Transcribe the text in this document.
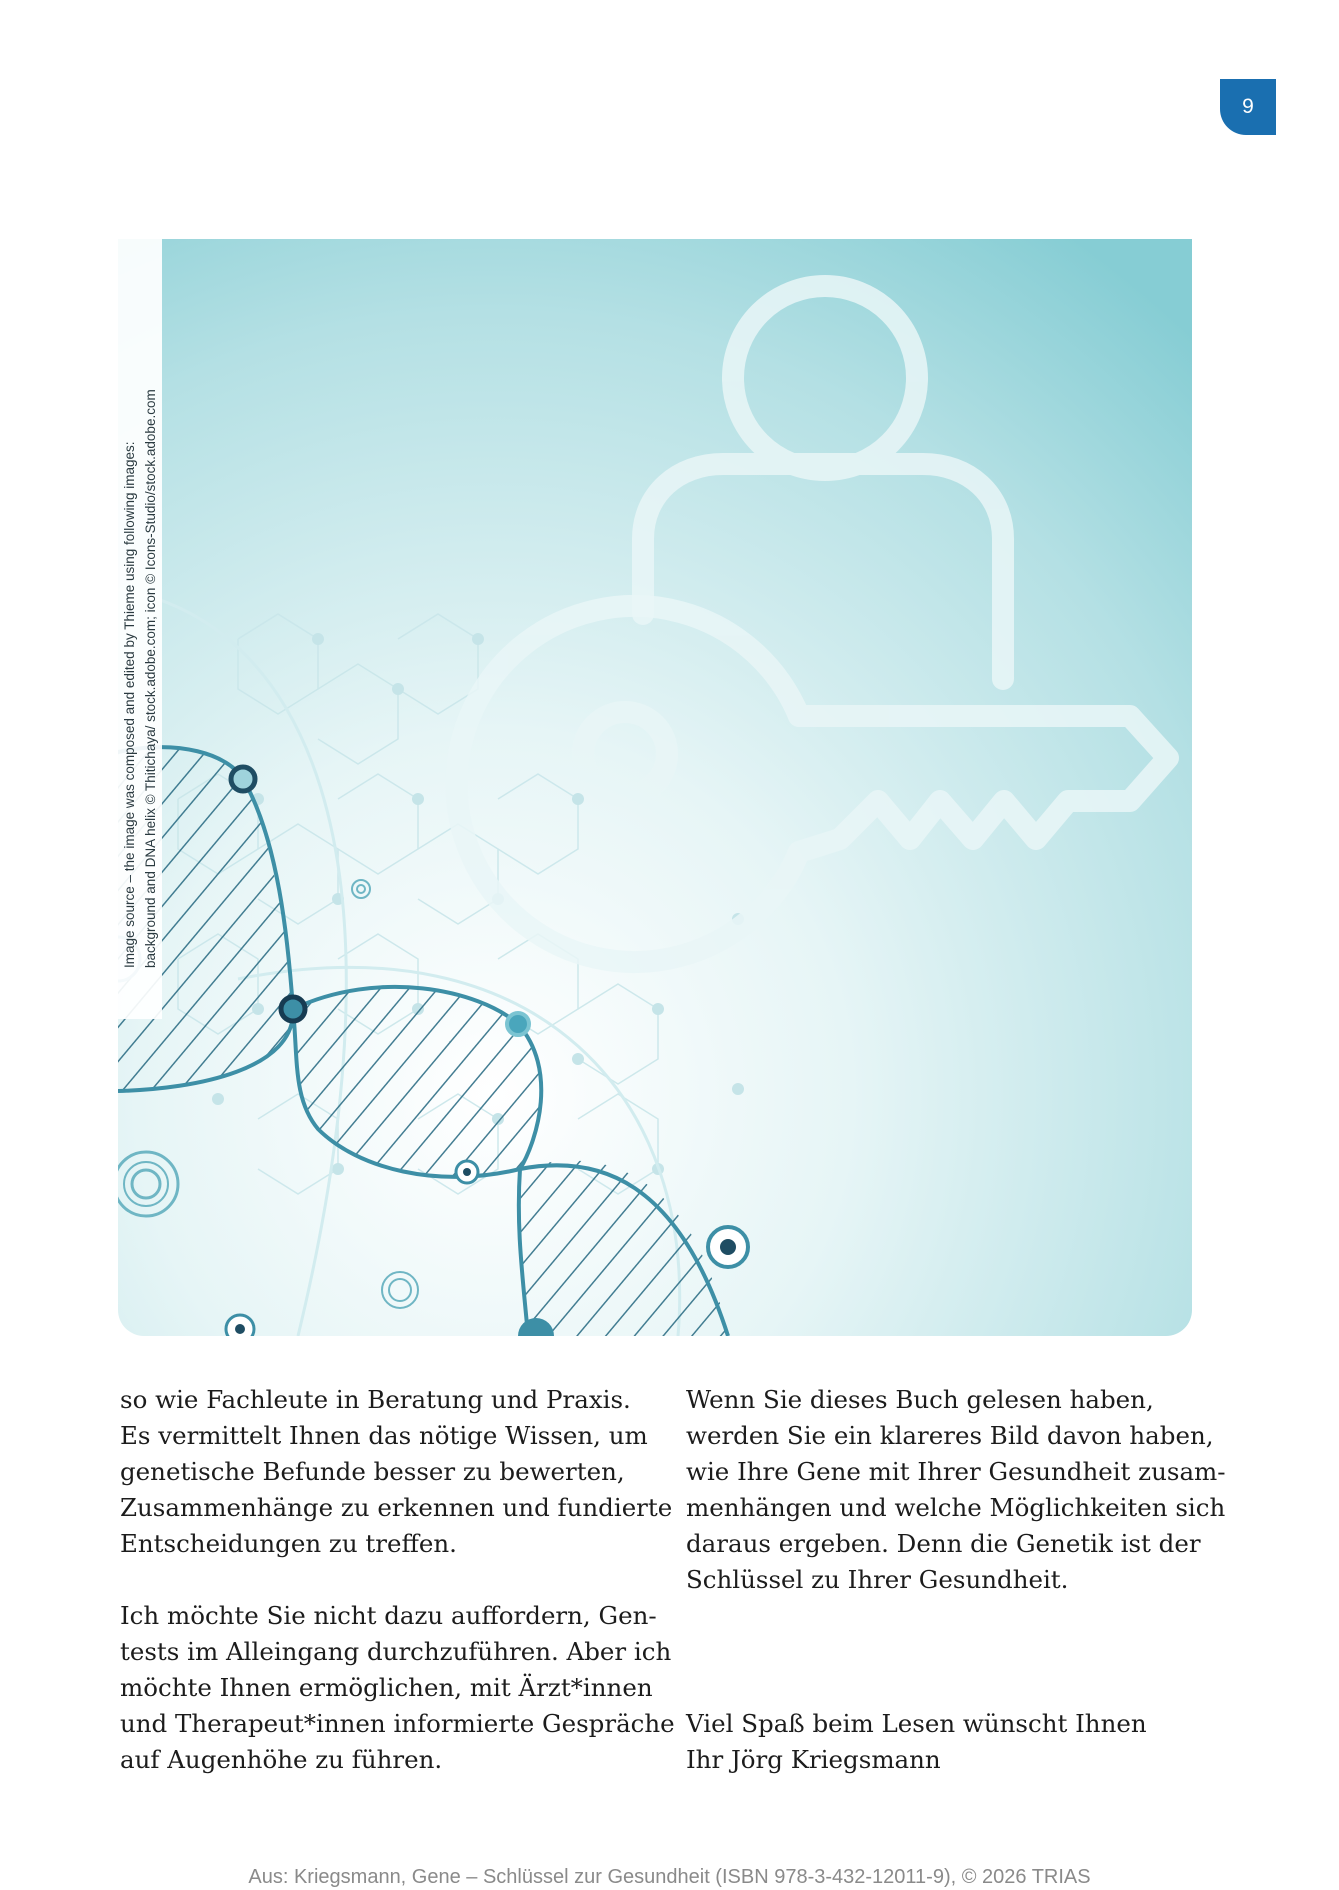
9
Image source – the image was composed and edited by Thieme using following images: background and DNA helix © Thitichaya/ stock.adobe.com; icon © Icons-Studio/stock.adobe.com
so wie Fachleute in Beratung und Praxis.
Es vermittelt Ihnen das nötige Wissen, um
genetische Befunde besser zu bewerten,
Zusammenhänge zu erkennen und fundierte
Entscheidungen zu treffen.
Ich möchte Sie nicht dazu auffordern, Gen-
tests im Alleingang durchzuführen. Aber ich
möchte Ihnen ermöglichen, mit Ärzt*innen
und Therapeut*innen informierte Gespräche
auf Augenhöhe zu führen.
Wenn Sie dieses Buch gelesen haben,
werden Sie ein klareres Bild davon haben,
wie Ihre Gene mit Ihrer Gesundheit zusam-
menhängen und welche Möglichkeiten sich
daraus ergeben. Denn die Genetik ist der
Schlüssel zu Ihrer Gesundheit.
Viel Spaß beim Lesen wünscht Ihnen
Ihr Jörg Kriegsmann
Aus: Kriegsmann, Gene – Schlüssel zur Gesundheit (ISBN 978-3-432-12011-9), © 2026 TRIAS
